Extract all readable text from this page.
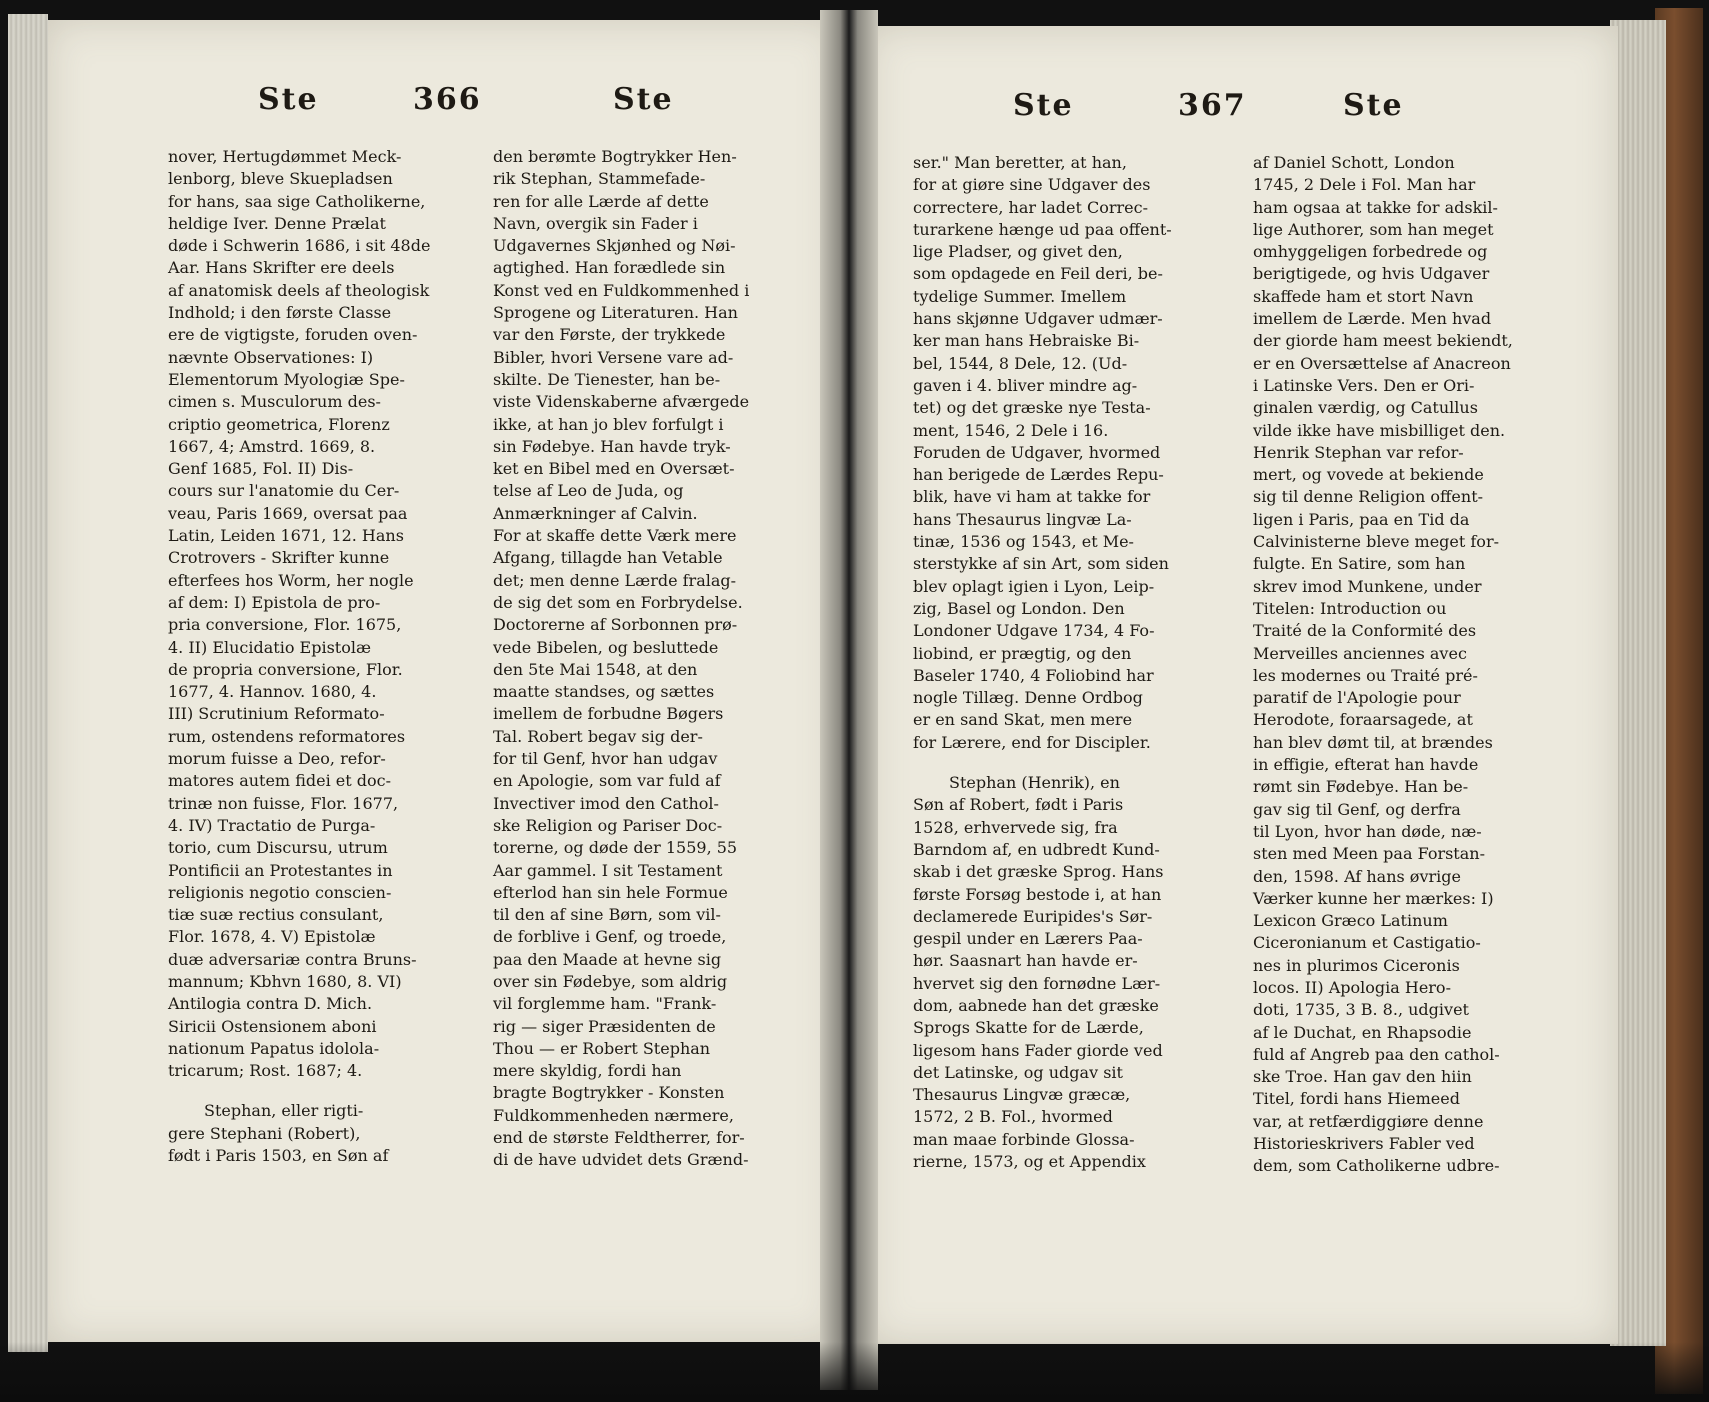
Ste	366	Ste

nover, Hertugdømmet Meck-

lenborg, bleve Skuepladsen

for hans, saa sige Catholikerne,

heldige Iver. Denne Prælat

døde i Schwerin 1686, i sit 48de

Aar. Hans Skrifter ere deels

af anatomisk deels af theologisk

Indhold; i den første Classe

ere de vigtigste, foruden oven-

nævnte Observationes: I)

Elementorum Myologiæ Spe-

cimen s. Musculorum des-

criptio geometrica, Florenz

1667, 4; Amstrd. 1669, 8.

Genf 1685, Fol. II) Dis-

cours sur l'anatomie du Cer-

veau, Paris 1669, oversat paa

Latin, Leiden 1671, 12. Hans

Crotrovers - Skrifter kunne

efterfees hos Worm, her nogle

af dem: I) Epistola de pro-

pria conversione, Flor. 1675,

4. II) Elucidatio Epistolæ

de propria conversione, Flor.

1677, 4. Hannov. 1680, 4.

III) Scrutinium Reformato-

rum, ostendens reformatores

morum fuisse a Deo, refor-

matores autem fidei et doc-

trinæ non fuisse, Flor. 1677,

4. IV) Tractatio de Purga-

torio, cum Discursu, utrum

Pontificii an Protestantes in

religionis negotio conscien-

tiæ suæ rectius consulant,

Flor. 1678, 4. V) Epistolæ

duæ adversariæ contra Bruns-

mannum; Kbhvn 1680, 8. VI)

Antilogia contra D. Mich.

Siricii Ostensionem aboni

nationum Papatus idolola-

tricarum; Rost. 1687; 4.

Stephan, eller rigti-

gere Stephani (Robert),

født i Paris 1503, en Søn af

den berømte Bogtrykker Hen-

rik Stephan, Stammefade-

ren for alle Lærde af dette

Navn, overgik sin Fader i

Udgavernes Skjønhed og Nøi-

agtighed. Han forædlede sin

Konst ved en Fuldkommenhed i

Sprogene og Literaturen. Han

var den Første, der trykkede

Bibler, hvori Versene vare ad-

skilte. De Tienester, han be-

viste Videnskaberne afværgede

ikke, at han jo blev forfulgt i

sin Fødebye. Han havde tryk-

ket en Bibel med en Oversæt-

telse af Leo de Juda, og

Anmærkninger af Calvin.

For at skaffe dette Værk mere

Afgang, tillagde han Vetable

det; men denne Lærde fralag-

de sig det som en Forbrydelse.

Doctorerne af Sorbonnen prø-

vede Bibelen, og besluttede

den 5te Mai 1548, at den

maatte standses, og sættes

imellem de forbudne Bøgers

Tal. Robert begav sig der-

for til Genf, hvor han udgav

en Apologie, som var fuld af

Invectiver imod den Cathol-

ske Religion og Pariser Doc-

torerne, og døde der 1559, 55

Aar gammel. I sit Testament

efterlod han sin hele Formue

til den af sine Børn, som vil-

de forblive i Genf, og troede,

paa den Maade at hevne sig

over sin Fødebye, som aldrig

vil forglemme ham. "Frank-

rig — siger Præsidenten de

Thou — er Robert Stephan

mere skyldig, fordi han

bragte Bogtrykker - Konsten

Fuldkommenheden nærmere,

end de største Feldtherrer, for-

di de have udvidet dets Grænd-

Ste	367	Ste

ser." Man beretter, at han,

for at giøre sine Udgaver des

correctere, har ladet Correc-

turarkene hænge ud paa offent-

lige Pladser, og givet den,

som opdagede en Feil deri, be-

tydelige Summer. Imellem

hans skjønne Udgaver udmær-

ker man hans Hebraiske Bi-

bel, 1544, 8 Dele, 12. (Ud-

gaven i 4. bliver mindre ag-

tet) og det græske nye Testa-

ment, 1546, 2 Dele i 16.

Foruden de Udgaver, hvormed

han berigede de Lærdes Repu-

blik, have vi ham at takke for

hans Thesaurus lingvæ La-

tinæ, 1536 og 1543, et Me-

sterstykke af sin Art, som siden

blev oplagt igien i Lyon, Leip-

zig, Basel og London. Den

Londoner Udgave 1734, 4 Fo-

liobind, er prægtig, og den

Baseler 1740, 4 Foliobind har

nogle Tillæg. Denne Ordbog

er en sand Skat, men mere

for Lærere, end for Discipler.

Stephan (Henrik), en

Søn af Robert, født i Paris

1528, erhvervede sig, fra

Barndom af, en udbredt Kund-

skab i det græske Sprog. Hans

første Forsøg bestode i, at han

declamerede Euripides's Sør-

gespil under en Lærers Paa-

hør. Saasnart han havde er-

hvervet sig den fornødne Lær-

dom, aabnede han det græske

Sprogs Skatte for de Lærde,

ligesom hans Fader giorde ved

det Latinske, og udgav sit

Thesaurus Lingvæ græcæ,

1572, 2 B. Fol., hvormed

man maae forbinde Glossa-

rierne, 1573, og et Appendix

af Daniel Schott, London

1745, 2 Dele i Fol. Man har

ham ogsaa at takke for adskil-

lige Authorer, som han meget

omhyggeligen forbedrede og

berigtigede, og hvis Udgaver

skaffede ham et stort Navn

imellem de Lærde. Men hvad

der giorde ham meest bekiendt,

er en Oversættelse af Anacreon

i Latinske Vers. Den er Ori-

ginalen værdig, og Catullus

vilde ikke have misbilliget den.

Henrik Stephan var refor-

mert, og vovede at bekiende

sig til denne Religion offent-

ligen i Paris, paa en Tid da

Calvinisterne bleve meget for-

fulgte. En Satire, som han

skrev imod Munkene, under

Titelen: Introduction ou

Traité de la Conformité des

Merveilles anciennes avec

les modernes ou Traité pré-

paratif de l'Apologie pour

Herodote, foraarsagede, at

han blev dømt til, at brændes

in effigie, efterat han havde

rømt sin Fødebye. Han be-

gav sig til Genf, og derfra

til Lyon, hvor han døde, næ-

sten med Meen paa Forstan-

den, 1598. Af hans øvrige

Værker kunne her mærkes: I)

Lexicon Græco Latinum

Ciceronianum et Castigatio-

nes in plurimos Ciceronis

locos. II) Apologia Hero-

doti, 1735, 3 B. 8., udgivet

af le Duchat, en Rhapsodie

fuld af Angreb paa den cathol-

ske Troe. Han gav den hiin

Titel, fordi hans Hiemeed

var, at retfærdiggiøre denne

Historieskrivers Fabler ved

dem, som Catholikerne udbre-
